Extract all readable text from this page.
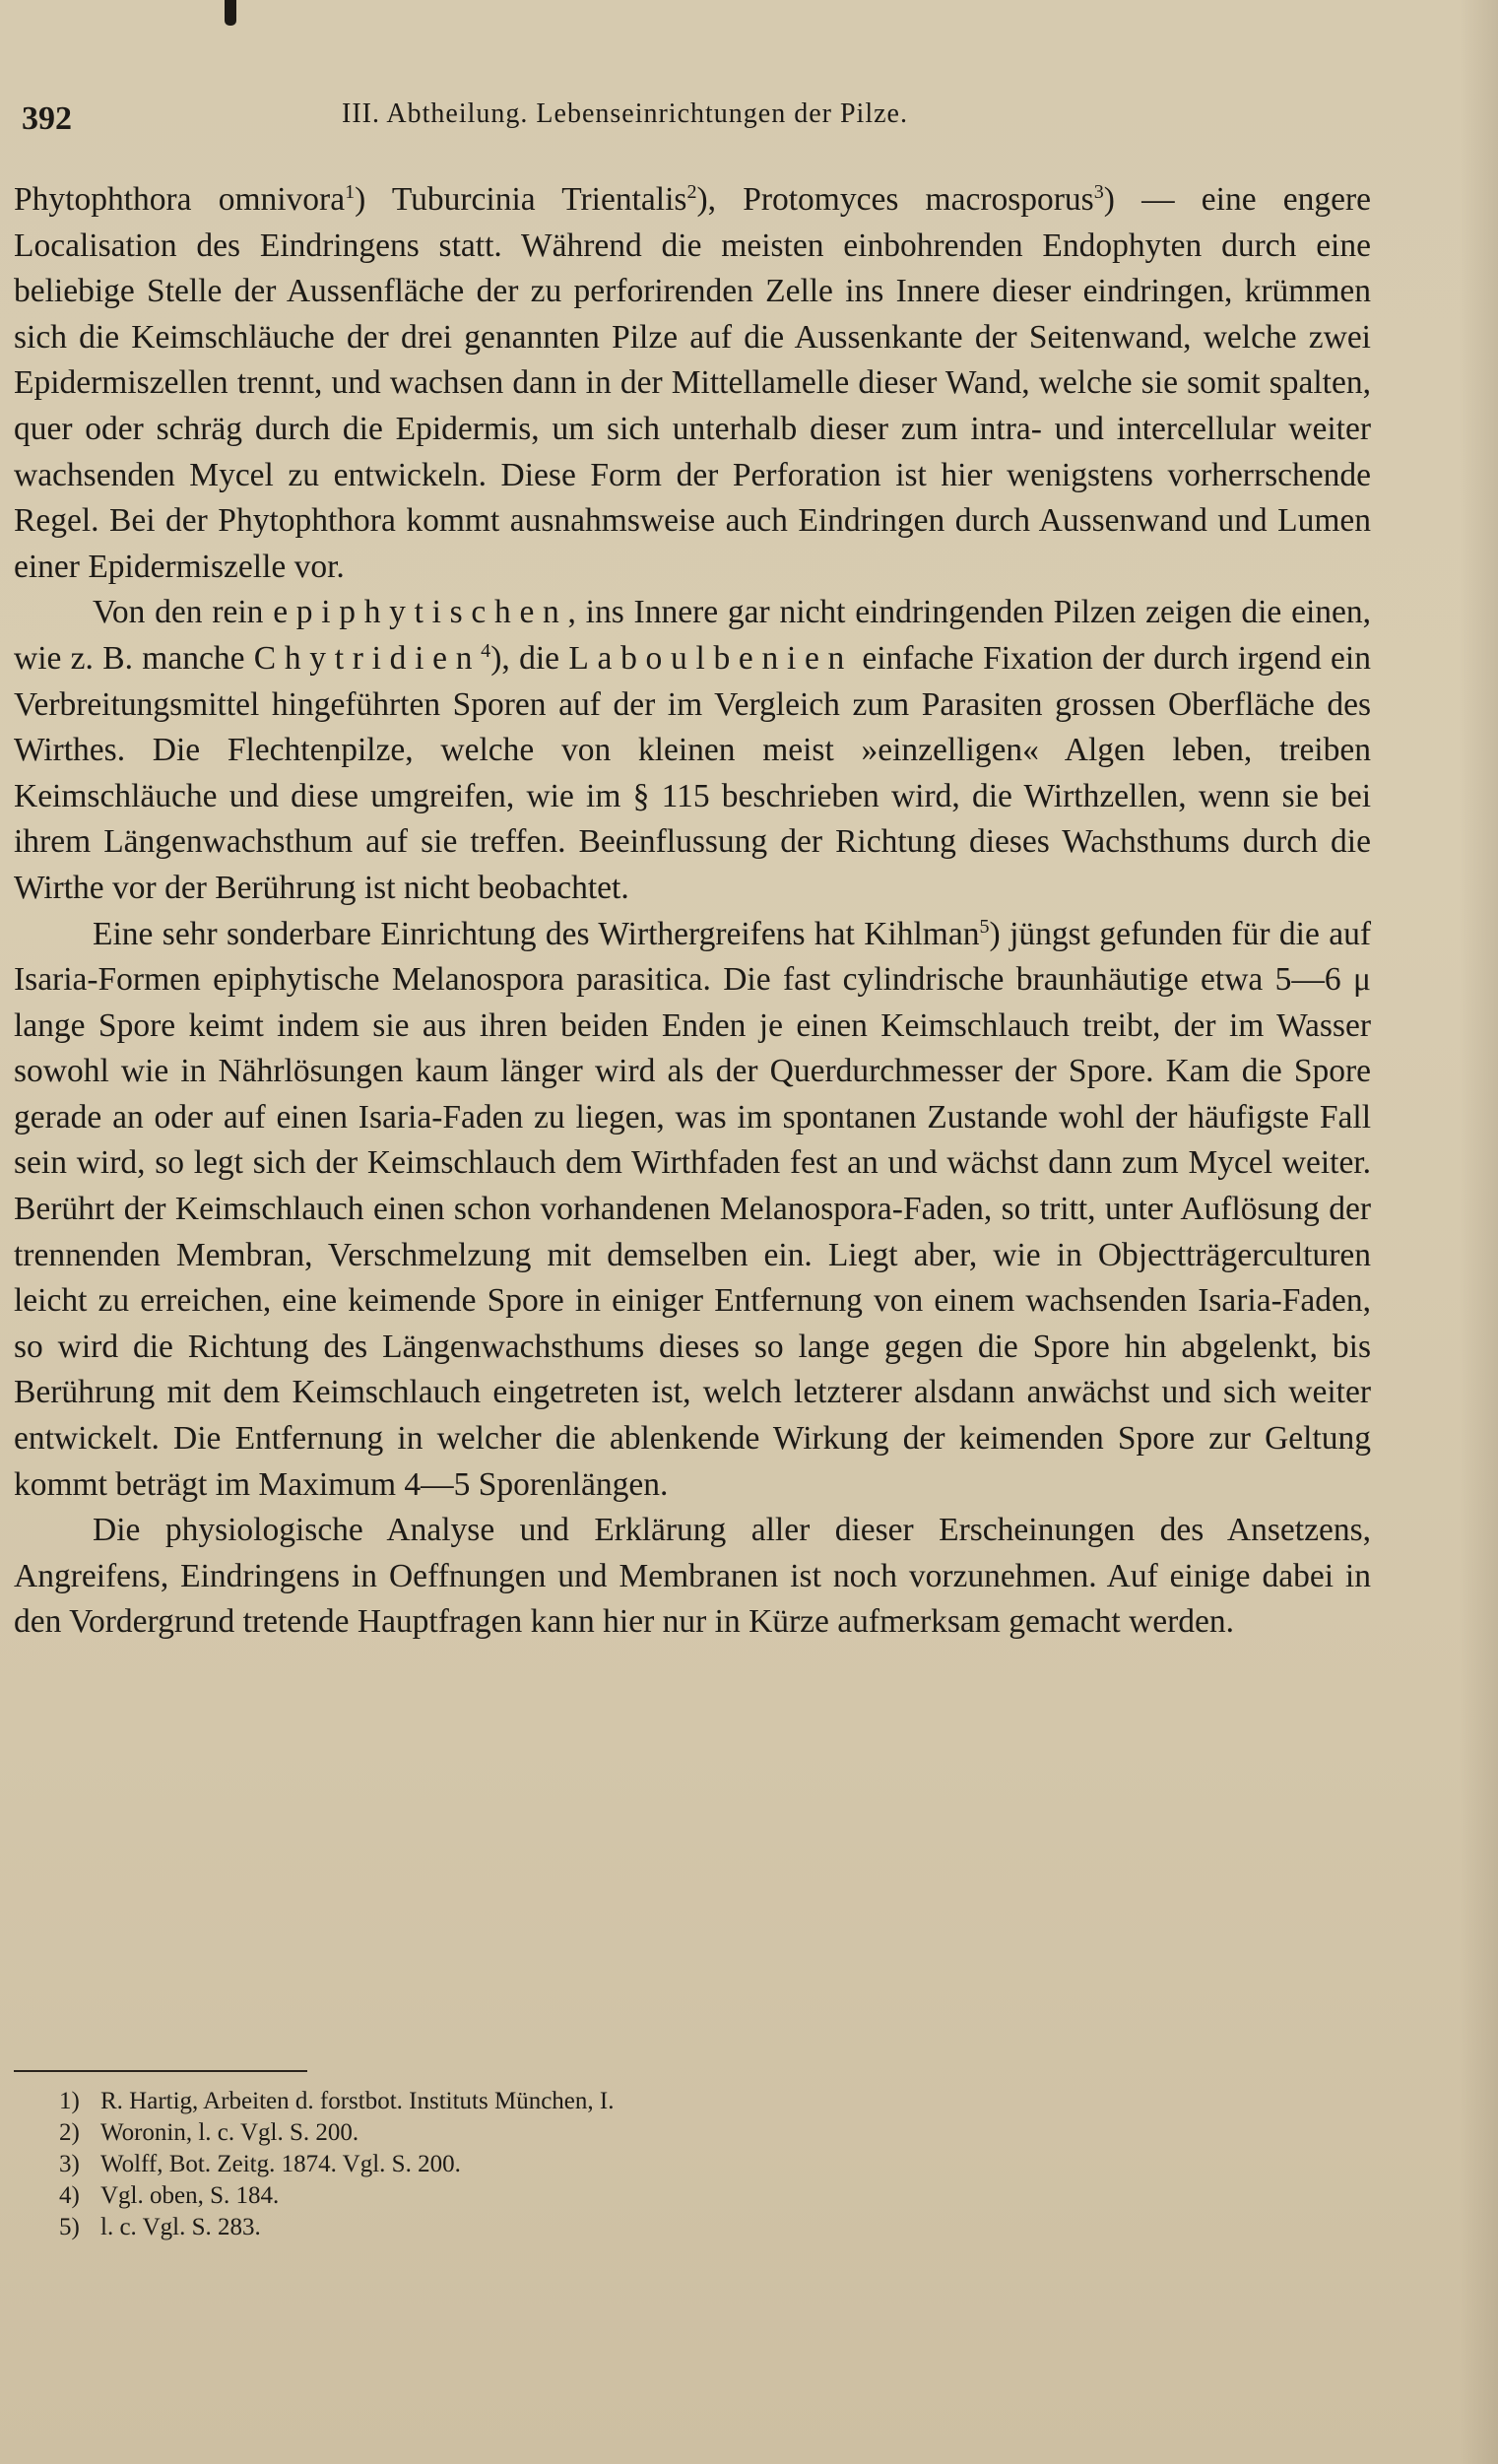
392	III. Abtheilung. Lebenseinrichtungen der Pilze.

Phytophthora omnivora$^1$) Tuburcinia Trientalis$^2$), Protomyces macrosporus$^3$) — eine engere Localisation des Eindringens statt. Während die meisten einbohrenden Endophyten durch eine beliebige Stelle der Aussenfläche der zu perforirenden Zelle ins Innere dieser eindringen, krümmen sich die Keimschläuche der drei genannten Pilze auf die Aussenkante der Seitenwand, welche zwei Epidermiszellen trennt, und wachsen dann in der Mittellamelle dieser Wand, welche sie somit spalten, quer oder schräg durch die Epidermis, um sich unterhalb dieser zum intra- und intercellular weiter wachsenden Mycel zu entwickeln. Diese Form der Perforation ist hier wenigstens vorherrschende Regel. Bei der Phytophthora kommt ausnahmsweise auch Eindringen durch Aussenwand und Lumen einer Epidermiszelle vor.

Von den rein epiphytischen, ins Innere gar nicht eindringenden Pilzen zeigen die einen, wie z. B. manche Chytridien$^4$), die Laboulbenien einfache Fixation der durch irgend ein Verbreitungsmittel hingeführten Sporen auf der im Vergleich zum Parasiten grossen Oberfläche des Wirthes. Die Flechtenpilze, welche von kleinen meist »einzelligen« Algen leben, treiben Keimschläuche und diese umgreifen, wie im § 115 beschrieben wird, die Wirthzellen, wenn sie bei ihrem Längenwachsthum auf sie treffen. Beeinflussung der Richtung dieses Wachsthums durch die Wirthe vor der Berührung ist nicht beobachtet.

Eine sehr sonderbare Einrichtung des Wirthergreifens hat Kihlman$^5$) jüngst gefunden für die auf Isaria-Formen epiphytische Melanospora parasitica. Die fast cylindrische braunhäutige etwa 5—6 μ lange Spore keimt indem sie aus ihren beiden Enden je einen Keimschlauch treibt, der im Wasser sowohl wie in Nährlösungen kaum länger wird als der Querdurchmesser der Spore. Kam die Spore gerade an oder auf einen Isaria-Faden zu liegen, was im spontanen Zustande wohl der häufigste Fall sein wird, so legt sich der Keimschlauch dem Wirthfaden fest an und wächst dann zum Mycel weiter. Berührt der Keimschlauch einen schon vorhandenen Melanospora-Faden, so tritt, unter Auflösung der trennenden Membran, Verschmelzung mit demselben ein. Liegt aber, wie in Objectträgerculturen leicht zu erreichen, eine keimende Spore in einiger Entfernung von einem wachsenden Isaria-Faden, so wird die Richtung des Längenwachsthums dieses so lange gegen die Spore hin abgelenkt, bis Berührung mit dem Keimschlauch eingetreten ist, welch letzterer alsdann anwächst und sich weiter entwickelt. Die Entfernung in welcher die ablenkende Wirkung der keimenden Spore zur Geltung kommt beträgt im Maximum 4—5 Sporenlängen.

Die physiologische Analyse und Erklärung aller dieser Erscheinungen des Ansetzens, Angreifens, Eindringens in Oeffnungen und Membranen ist noch vorzunehmen. Auf einige dabei in den Vordergrund tretende Hauptfragen kann hier nur in Kürze aufmerksam gemacht werden.

1) R. Hartig, Arbeiten d. forstbot. Instituts München, I.
2) Woronin, l. c. Vgl. S. 200.
3) Wolff, Bot. Zeitg. 1874. Vgl. S. 200.
4) Vgl. oben, S. 184.
5) l. c. Vgl. S. 283.
